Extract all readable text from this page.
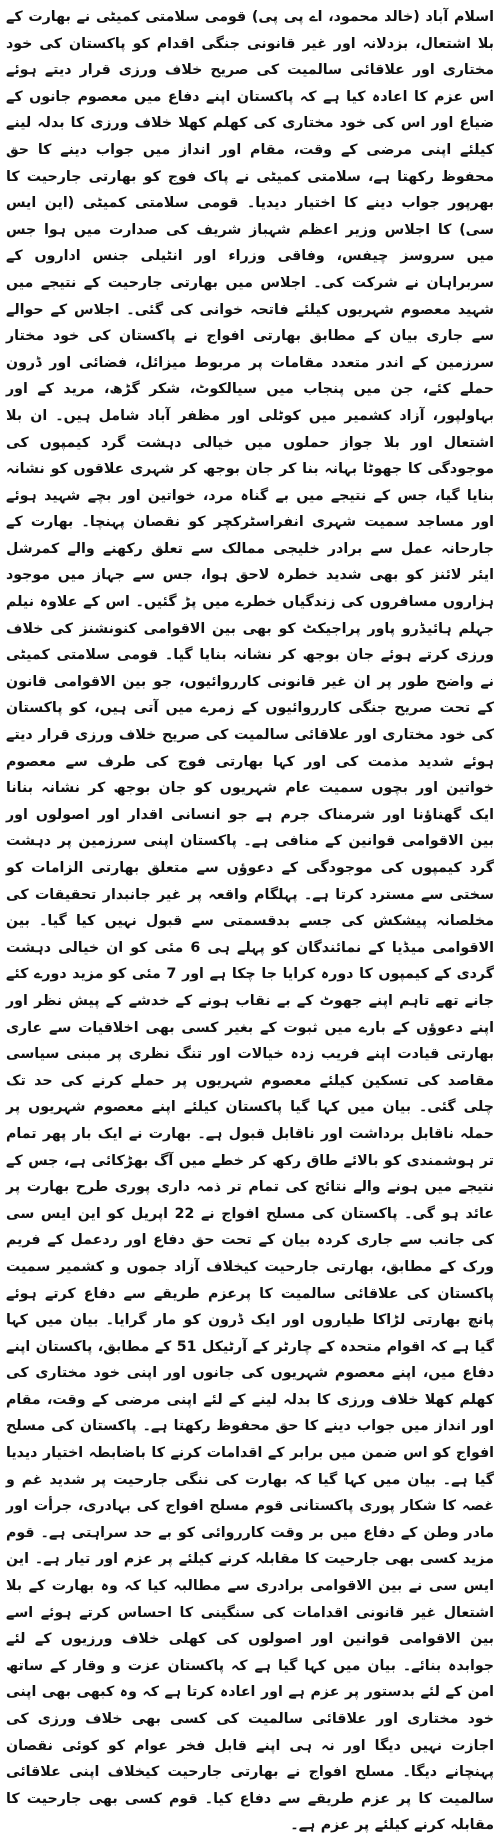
اسلام آباد (خالد محمود، اے پی پی) قومی سلامتی کمیٹی نے بھارت کے بلا اشتعال، بزدلانہ اور غیر قانونی جنگی اقدام کو پاکستان کی خود مختاری اور علاقائی سالمیت کی صریح خلاف ورزی قرار دیتے ہوئے اس عزم کا اعادہ کیا ہے کہ پاکستان اپنے دفاع میں معصوم جانوں کے ضیاع اور اس کی خود مختاری کی کھلم کھلا خلاف ورزی کا بدلہ لینے کیلئے اپنی مرضی کے وقت، مقام اور انداز میں جواب دینے کا حق محفوظ رکھتا ہے، سلامتی کمیٹی نے پاک فوج کو بھارتی جارحیت کا بھرپور جواب دینے کا اختیار دیدیا۔ قومی سلامتی کمیٹی (این ایس سی) کا اجلاس وزیر اعظم شہباز شریف کی صدارت میں ہوا جس میں سروسز چیفس، وفاقی وزراء اور انٹیلی جنس اداروں کے سربراہان نے شرکت کی۔ اجلاس میں بھارتی جارحیت کے نتیجے میں شہید معصوم شہریوں کیلئے فاتحہ خوانی کی گئی۔ اجلاس کے حوالے سے جاری بیان کے مطابق بھارتی افواج نے پاکستان کی خود مختار سرزمین کے اندر متعدد مقامات پر مربوط میزائل، فضائی اور ڈرون حملے کئے، جن میں پنجاب میں سیالکوٹ، شکر گڑھ، مرید کے اور بہاولپور، آزاد کشمیر میں کوٹلی اور مظفر آباد شامل ہیں۔ ان بلا اشتعال اور بلا جواز حملوں میں خیالی دہشت گرد کیمپوں کی موجودگی کا جھوٹا بہانہ بنا کر جان بوجھ کر شہری علاقوں کو نشانہ بنایا گیا، جس کے نتیجے میں بے گناہ مرد، خواتین اور بچے شہید ہوئے اور مساجد سمیت شہری انفراسٹرکچر کو نقصان پہنچا۔ بھارت کے جارحانہ عمل سے برادر خلیجی ممالک سے تعلق رکھنے والے کمرشل ایئر لائنز کو بھی شدید خطرہ لاحق ہوا، جس سے جہاز میں موجود ہزاروں مسافروں کی زندگیاں خطرے میں پڑ گئیں۔ اس کے علاوہ نیلم جہلم ہائیڈرو پاور پراجیکٹ کو بھی بین الاقوامی کنونشنز کی خلاف ورزی کرتے ہوئے جان بوجھ کر نشانہ بنایا گیا۔ قومی سلامتی کمیٹی نے واضح طور پر ان غیر قانونی کارروائیوں، جو بین الاقوامی قانون کے تحت صریح جنگی کارروائیوں کے زمرے میں آتی ہیں، کو پاکستان کی خود مختاری اور علاقائی سالمیت کی صریح خلاف ورزی قرار دیتے ہوئے شدید مذمت کی اور کہا بھارتی فوج کی طرف سے معصوم خواتین اور بچوں سمیت عام شہریوں کو جان بوجھ کر نشانہ بنانا ایک گھناؤنا اور شرمناک جرم ہے جو انسانی اقدار اور اصولوں اور بین الاقوامی قوانین کے منافی ہے۔ پاکستان اپنی سرزمین پر دہشت گرد کیمپوں کی موجودگی کے دعوؤں سے متعلق بھارتی الزامات کو سختی سے مسترد کرتا ہے۔ پہلگام واقعہ پر غیر جانبدار تحقیقات کی مخلصانہ پیشکش کی جسے بدقسمتی سے قبول نہیں کیا گیا۔ بین الاقوامی میڈیا کے نمائندگان کو پہلے ہی 6 مئی کو ان خیالی دہشت گردی کے کیمپوں کا دورہ کرایا جا چکا ہے اور 7 مئی کو مزید دورے کئے جانے تھے تاہم اپنے جھوٹ کے بے نقاب ہونے کے خدشے کے پیش نظر اور اپنے دعوؤں کے بارے میں ثبوت کے بغیر کسی بھی اخلاقیات سے عاری بھارتی قیادت اپنے فریب زدہ خیالات اور تنگ نظری پر مبنی سیاسی مقاصد کی تسکین کیلئے معصوم شہریوں پر حملے کرنے کی حد تک چلی گئی۔ بیان میں کہا گیا پاکستان کیلئے اپنے معصوم شہریوں پر حملہ ناقابل برداشت اور ناقابل قبول ہے۔ بھارت نے ایک بار پھر تمام تر ہوشمندی کو بالائے طاق رکھ کر خطے میں آگ بھڑکائی ہے، جس کے نتیجے میں ہونے والے نتائج کی تمام تر ذمہ داری پوری طرح بھارت پر عائد ہو گی۔ پاکستان کی مسلح افواج نے 22 اپریل کو این ایس سی کی جانب سے جاری کردہ بیان کے تحت حق دفاع اور ردعمل کے فریم ورک کے مطابق، بھارتی جارحیت کیخلاف آزاد جموں و کشمیر سمیت پاکستان کی علاقائی سالمیت کا پرعزم طریقے سے دفاع کرتے ہوئے پانچ بھارتی لڑاکا طیاروں اور ایک ڈرون کو مار گرایا۔ بیان میں کہا گیا ہے کہ اقوام متحدہ کے چارٹر کے آرٹیکل 51 کے مطابق، پاکستان اپنے دفاع میں، اپنے معصوم شہریوں کی جانوں اور اپنی خود مختاری کی کھلم کھلا خلاف ورزی کا بدلہ لینے کے لئے اپنی مرضی کے وقت، مقام اور انداز میں جواب دینے کا حق محفوظ رکھتا ہے۔ پاکستان کی مسلح افواج کو اس ضمن میں برابر کے اقدامات کرنے کا باضابطہ اختیار دیدیا گیا ہے۔ بیان میں کہا گیا کہ بھارت کی ننگی جارحیت پر شدید غم و غصہ کا شکار پوری پاکستانی قوم مسلح افواج کی بہادری، جرأت اور مادر وطن کے دفاع میں بر وقت کارروائی کو بے حد سراہتی ہے۔ قوم مزید کسی بھی جارحیت کا مقابلہ کرنے کیلئے پر عزم اور تیار ہے۔ این ایس سی نے بین الاقوامی برادری سے مطالبہ کیا کہ وہ بھارت کے بلا اشتعال غیر قانونی اقدامات کی سنگینی کا احساس کرتے ہوئے اسے بین الاقوامی قوانین اور اصولوں کی کھلی خلاف ورزیوں کے لئے جوابدہ بنائے۔ بیان میں کہا گیا ہے کہ پاکستان عزت و وقار کے ساتھ امن کے لئے بدستور پر عزم ہے اور اعادہ کرتا ہے کہ وہ کبھی بھی اپنی خود مختاری اور علاقائی سالمیت کی کسی بھی خلاف ورزی کی اجازت نہیں دیگا اور نہ ہی اپنے قابل فخر عوام کو کوئی نقصان پہنچانے دیگا۔ مسلح افواج نے بھارتی جارحیت کیخلاف اپنی علاقائی سالمیت کا پر عزم طریقے سے دفاع کیا۔ قوم کسی بھی جارحیت کا مقابلہ کرنے کیلئے پر عزم ہے۔
